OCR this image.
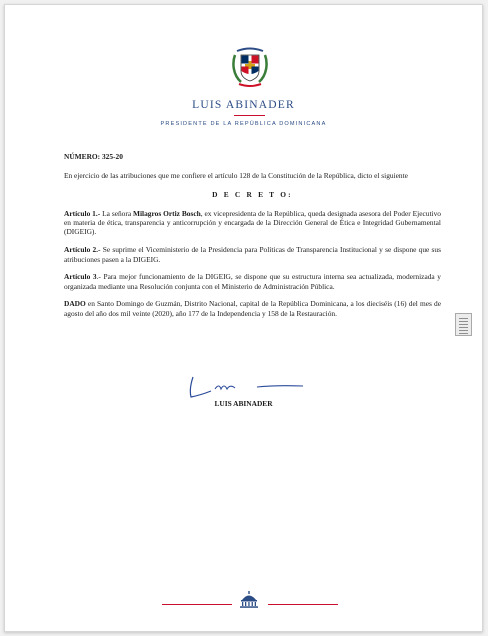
LUIS ABINADER
PRESIDENTE DE LA REPÚBLICA DOMINICANA

NÚMERO: 325-20

En ejercicio de las atribuciones que me confiere el artículo 128 de la Constitución de la República, dicto el siguiente

D E C R E T O:

Artículo 1.- La señora Milagros Ortiz Bosch, ex vicepresidenta de la República, queda designada asesora del Poder Ejecutivo en materia de ética, transparencia y anticorrupción y encargada de la Dirección General de Ética e Integridad Gubernamental (DIGEIG).

Artículo 2.- Se suprime el Viceministerio de la Presidencia para Políticas de Transparencia Institucional y se dispone que sus atribuciones pasen a la DIGEIG.

Artículo 3.- Para mejor funcionamiento de la DIGEIG, se dispone que su estructura interna sea actualizada, modernizada y organizada mediante una Resolución conjunta con el Ministerio de Administración Pública.

DADO en Santo Domingo de Guzmán, Distrito Nacional, capital de la República Dominicana, a los dieciséis (16) del mes de agosto del año dos mil veinte (2020), año 177 de la Independencia y 158 de la Restauración.

LUIS ABINADER
